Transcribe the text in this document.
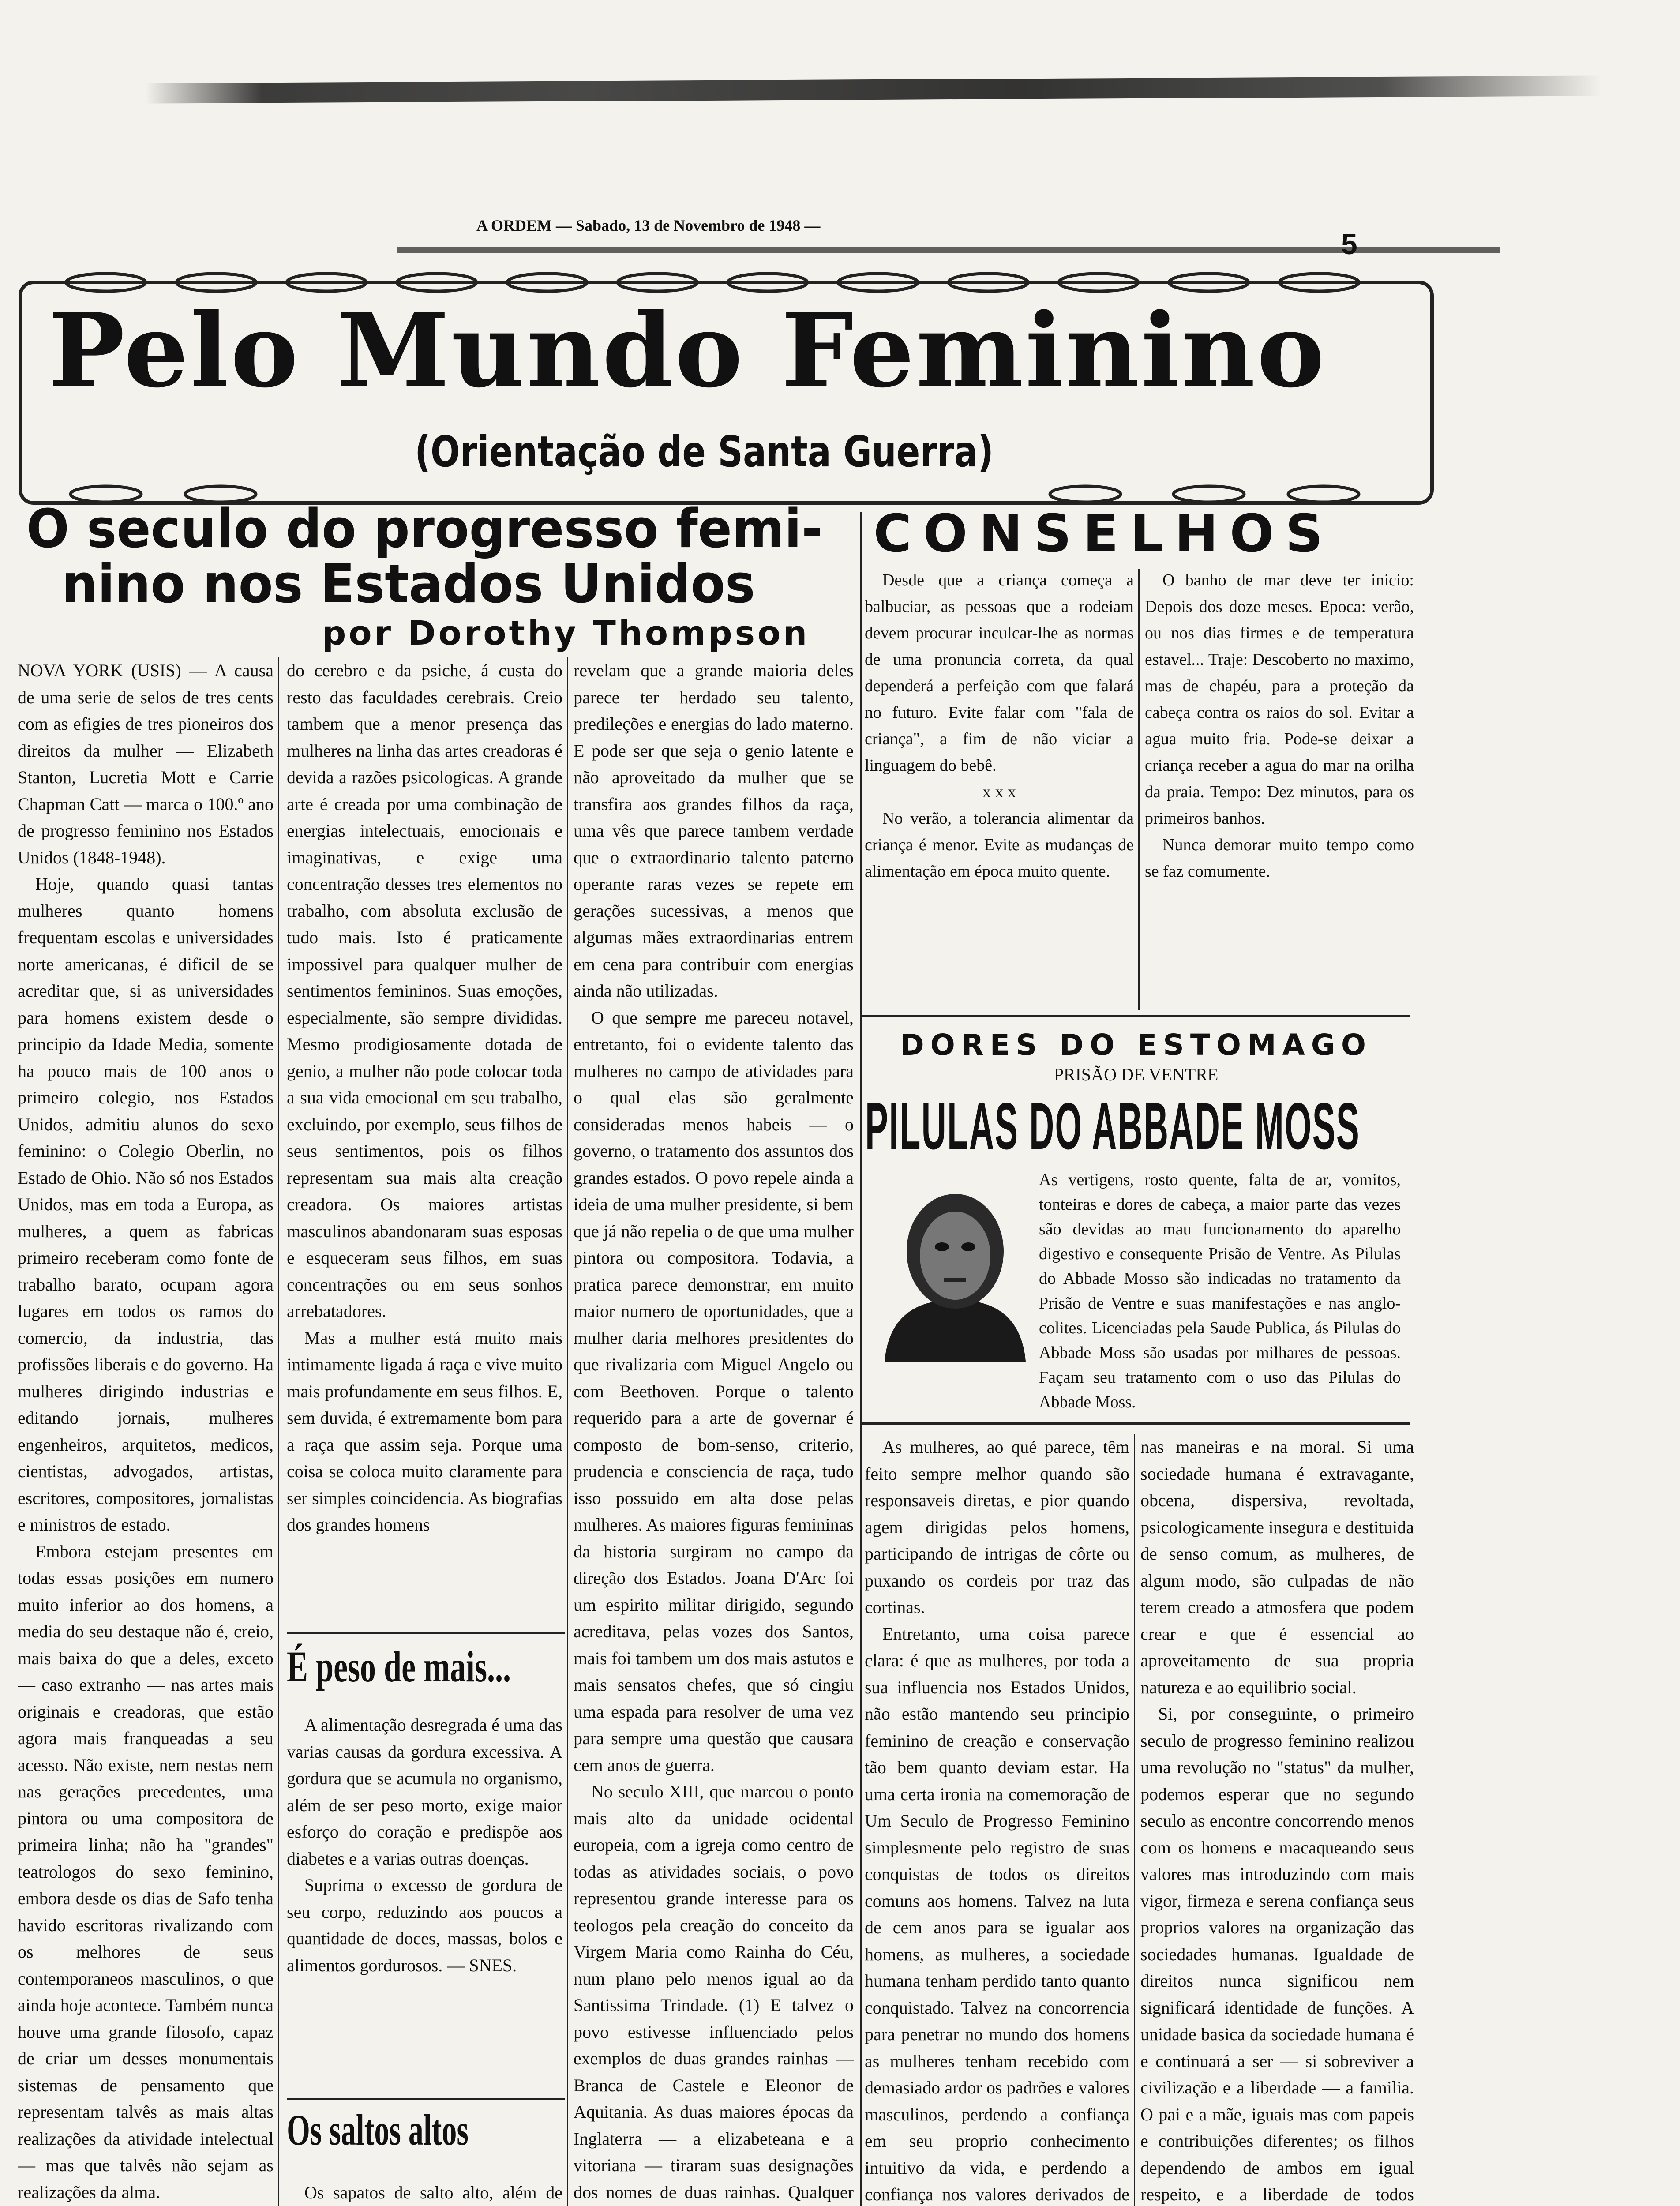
A ORDEM — Sabado, 13 de Novembro de 1948 —
5
Pelo Mundo Feminino
(Orientação de Santa Guerra)
O seculo do progresso femi-
nino nos Estados Unidos
por Dorothy Thompson

NOVA YORK (USIS) — A causa de uma serie de selos de tres cents com as efigies de tres pioneiros dos direitos da mulher — Elizabeth Stanton, Lucretia Mott e Carrie Chapman Catt — marca o 100.º ano de progresso feminino nos Estados Unidos (1848-1948).

Hoje, quando quasi tantas mulheres quanto homens frequentam escolas e universidades norte americanas, é dificil de se acreditar que, si as universidades para homens existem desde o principio da Idade Media, somente ha pouco mais de 100 anos o primeiro colegio, nos Estados Unidos, admitiu alunos do sexo feminino: o Colegio Oberlin, no Estado de Ohio. Não só nos Estados Unidos, mas em toda a Europa, as mulheres, a quem as fabricas primeiro receberam como fonte de trabalho barato, ocupam agora lugares em todos os ramos do comercio, da industria, das profissões liberais e do governo. Ha mulheres dirigindo industrias e editando jornais, mulheres engenheiros, arquitetos, medicos, cientistas, advogados, artistas, escritores, compositores, jornalistas e ministros de estado.

Embora estejam presentes em todas essas posições em numero muito inferior ao dos homens, a media do seu destaque não é, creio, mais baixa do que a deles, exceto — caso extranho — nas artes mais originais e creadoras, que estão agora mais franqueadas a seu acesso. Não existe, nem nestas nem nas gerações precedentes, uma pintora ou uma compositora de primeira linha; não ha "grandes" teatrologos do sexo feminino, embora desde os dias de Safo tenha havido escritoras rivalizando com os melhores de seus contemporaneos masculinos, o que ainda hoje acontece. Também nunca houve uma grande filosofo, capaz de criar um desses monumentais sistemas de pensamento que representam talvês as mais altas realizações da atividade intelectual — mas que talvês não sejam as realizações da alma.

do cerebro e da psiche, á custa do resto das faculdades cerebrais. Creio tambem que a menor presença das mulheres na linha das artes creadoras é devida a razões psicologicas. A grande arte é creada por uma combinação de energias intelectuais, emocionais e imaginativas, e exige uma concentração desses tres elementos no trabalho, com absoluta exclusão de tudo mais. Isto é praticamente impossivel para qualquer mulher de sentimentos femininos. Suas emoções, especialmente, são sempre divididas. Mesmo prodigiosamente dotada de genio, a mulher não pode colocar toda a sua vida emocional em seu trabalho, excluindo, por exemplo, seus filhos de seus sentimentos, pois os filhos representam sua mais alta creação creadora. Os maiores artistas masculinos abandonaram suas esposas e esqueceram seus filhos, em suas concentrações ou em seus sonhos arrebatadores.

Mas a mulher está muito mais intimamente ligada á raça e vive muito mais profundamente em seus filhos. E, sem duvida, é extremamente bom para a raça que assim seja. Porque uma coisa se coloca muito claramente para ser simples coincidencia. As biografias dos grandes homens

revelam que a grande maioria deles parece ter herdado seu talento, predileções e energias do lado materno. E pode ser que seja o genio latente e não aproveitado da mulher que se transfira aos grandes filhos da raça, uma vês que parece tambem verdade que o extraordinario talento paterno operante raras vezes se repete em gerações sucessivas, a menos que algumas mães extraordinarias entrem em cena para contribuir com energias ainda não utilizadas.

O que sempre me pareceu notavel, entretanto, foi o evidente talento das mulheres no campo de atividades para o qual elas são geralmente consideradas menos habeis — o governo, o tratamento dos assuntos dos grandes estados. O povo repele ainda a ideia de uma mulher presidente, si bem que já não repelia o de que uma mulher pintora ou compositora. Todavia, a pratica parece demonstrar, em muito maior numero de oportunidades, que a mulher daria melhores presidentes do que rivalizaria com Miguel Angelo ou com Beethoven. Porque o talento requerido para a arte de governar é composto de bom-senso, criterio, prudencia e consciencia de raça, tudo isso possuido em alta dose pelas mulheres. As maiores figuras femininas da historia surgiram no campo da direção dos Estados. Joana D'Arc foi um espirito militar dirigido, segundo acreditava, pelas vozes dos Santos, mais foi tambem um dos mais astutos e mais sensatos chefes, que só cingiu uma espada para resolver de uma vez para sempre uma questão que causara cem anos de guerra.

No seculo XIII, que marcou o ponto mais alto da unidade ocidental europeia, com a igreja como centro de todas as atividades sociais, o povo representou grande interesse para os teologos pela creação do conceito da Virgem Maria como Rainha do Céu, num plano pelo menos igual ao da Santissima Trindade. (1) E talvez o povo estivesse influenciado pelos exemplos de duas grandes rainhas — Branca de Castele e Eleonor de Aquitania. As duas maiores épocas da Inglaterra — a elizabeteana e a vitoriana — tiraram suas designações dos nomes de duas rainhas. Qualquer

As mulheres, ao qué parece, têm feito sempre melhor quando são responsaveis diretas, e pior quando agem dirigidas pelos homens, participando de intrigas de côrte ou puxando os cordeis por traz das cortinas.

Entretanto, uma coisa parece clara: é que as mulheres, por toda a sua influencia nos Estados Unidos, não estão mantendo seu principio feminino de creação e conservação tão bem quanto deviam estar. Ha uma certa ironia na comemoração de Um Seculo de Progresso Feminino simplesmente pelo registro de suas conquistas de todos os direitos comuns aos homens. Talvez na luta de cem anos para se igualar aos homens, as mulheres, a sociedade humana tenham perdido tanto quanto conquistado. Talvez na concorrencia para penetrar no mundo dos homens as mulheres tenham recebido com demasiado ardor os padrões e valores masculinos, perdendo a confiança em seu proprio conhecimento intuitivo da vida, e perdendo a confiança nos valores derivados de

nas maneiras e na moral. Si uma sociedade humana é extravagante, obcena, dispersiva, revoltada, psicologicamente insegura e destituida de senso comum, as mulheres, de algum modo, são culpadas de não terem creado a atmosfera que podem crear e que é essencial ao aproveitamento de sua propria natureza e ao equilibrio social.

Si, por conseguinte, o primeiro seculo de progresso feminino realizou uma revolução no "status" da mulher, podemos esperar que no segundo seculo as encontre concorrendo menos com os homens e macaqueando seus valores mas introduzindo com mais vigor, firmeza e serena confiança seus proprios valores na organização das sociedades humanas. Igualdade de direitos nunca significou nem significará identidade de funções. A unidade basica da sociedade humana é e continuará a ser — si sobreviver a civilização e a liberdade — a familia. O pai e a mãe, iguais mas com papeis e contribuições diferentes; os filhos dependendo de ambos em igual respeito, e a liberdade de todos

É peso de mais...

A alimentação desregrada é uma das varias causas da gordura excessiva. A gordura que se acumula no organismo, além de ser peso morto, exige maior esforço do coração e predispõe aos diabetes e a varias outras doenças.

Suprima o excesso de gordura de seu corpo, reduzindo aos poucos a quantidade de doces, massas, bolos e alimentos gordurosos. — SNES.

Os saltos altos

Os sapatos de salto alto, além de

CONSELHOS

Desde que a criança começa a balbuciar, as pessoas que a rodeiam devem procurar inculcar-lhe as normas de uma pronuncia correta, da qual dependerá a perfeição com que falará no futuro. Evite falar com "fala de criança", a fim de não viciar a linguagem do bebê.

x x x

No verão, a tolerancia alimentar da criança é menor. Evite as mudanças de alimentação em época muito quente.

O banho de mar deve ter inicio: Depois dos doze meses. Epoca: verão, ou nos dias firmes e de temperatura estavel... Traje: Descoberto no maximo, mas de chapéu, para a proteção da cabeça contra os raios do sol. Evitar a agua muito fria. Pode-se deixar a criança receber a agua do mar na orilha da praia. Tempo: Dez minutos, para os primeiros banhos.

Nunca demorar muito tempo como se faz comumente.

DORES DO ESTOMAGO
PRISÃO DE VENTRE
PILULAS DO ABBADE MOSS
As vertigens, rosto quente, falta de ar, vomitos, tonteiras e dores de cabeça, a maior parte das vezes são devidas ao mau funcionamento do aparelho digestivo e consequente Prisão de Ventre. As Pilulas do Abbade Mosso são indicadas no tratamento da Prisão de Ventre e suas manifestações e nas anglo-colites. Licenciadas pela Saude Publica, ás Pilulas do Abbade Moss são usadas por milhares de pessoas. Façam seu tratamento com o uso das Pilulas do Abbade Moss.
